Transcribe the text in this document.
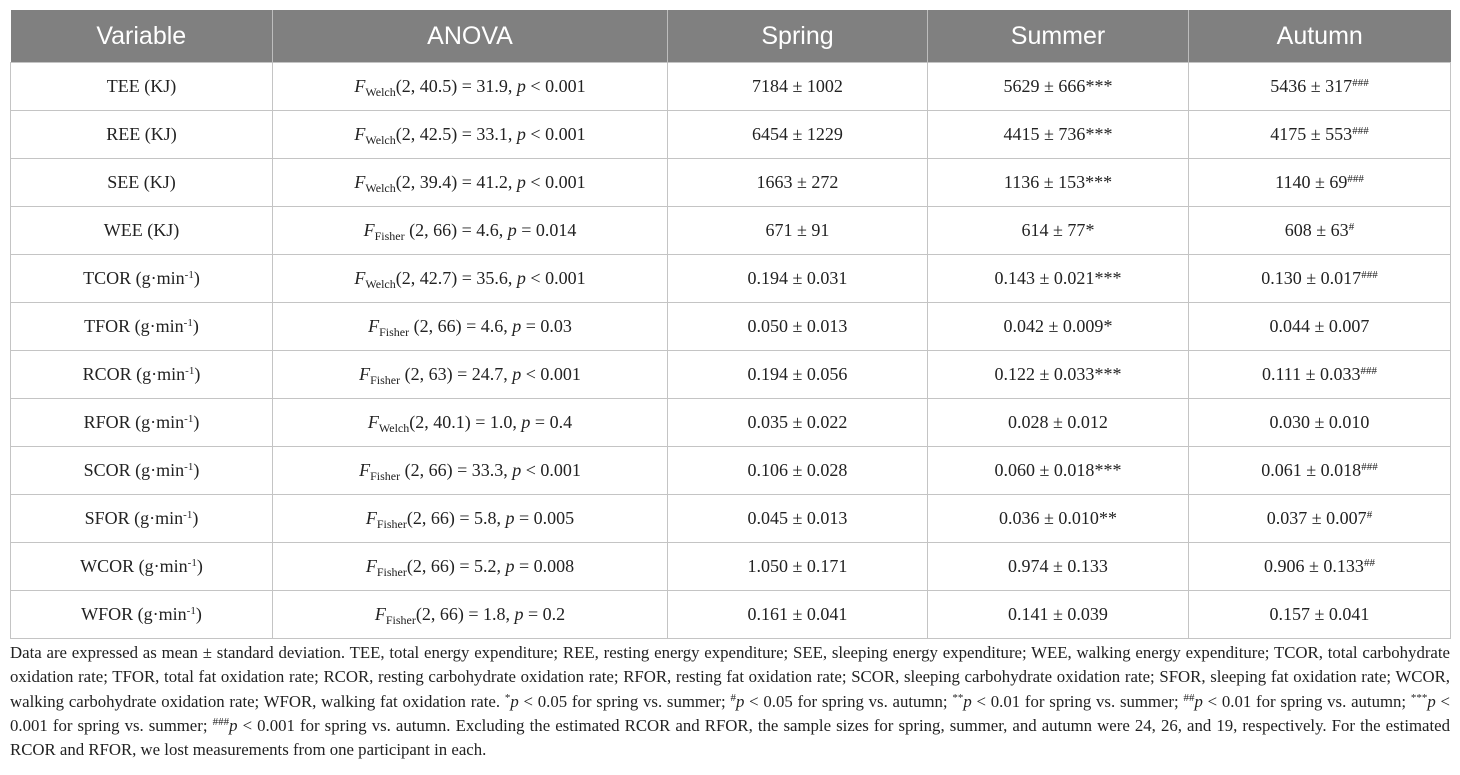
Variable	ANOVA	Spring	Summer	Autumn
TEE (KJ)	$F_{Welch}(2$, 40.5) = 31.9, p < 0.001	7184 ± 1002	5629 ± 666***	5436 ± 317###
REE (KJ)	$F_{Welch}(2$, 42.5) = 33.1, p < 0.001	6454 ± 1229	4415 ± 736***	4175 ± 553###
SEE (KJ)	$F_{Welch}(2$, 39.4) = 41.2, p < 0.001	1663 ± 272	1136 ± 153***	1140 ± 69###
WEE (KJ)	$F_{Fisher}$ (2, 66) = 4.6, p = 0.014	671 ± 91	614 ± 77*	608 ± 63#
TCOR $(g\cdot\min^{-1})$	$F_{Welch}(2$, 42.7) = 35.6, p < 0.001	0.194 ± 0.031	0.143 ± 0.021***	0.130 ± 0.017###
TFOR $(g\cdot\min^{-1})$	$F_{Fisher}$ (2, 66) = 4.6, p = 0.03	0.050 ± 0.013	0.042 ± 0.009*	0.044 ± 0.007
RCOR $(g\cdot\min^{-1})$	$F_{Fisher}$ (2, 63) = 24.7, p < 0.001	0.194 ± 0.056	0.122 ± 0.033***	0.111 ± 0.033###
RFOR $(g\cdot\min^{-1})$	$F_{Welch}(2$, 40.1) = 1.0, p = 0.4	0.035 ± 0.022	0.028 ± 0.012	0.030 ± 0.010
SCOR $(g\cdot\min^{-1})$	$F_{Fisher}$ (2, 66) = 33.3, p < 0.001	0.106 ± 0.028	0.060 ± 0.018***	0.061 ± 0.018###
SFOR $(g\cdot\min^{-1})$	$F_{Fisher}(2$, 66) = 5.8, p = 0.005	0.045 ± 0.013	0.036 ± 0.010**	0.037 ± 0.007#
WCOR $(g\cdot\min^{-1})$	$F_{Fisher}(2$, 66) = 5.2, p = 0.008	1.050 ± 0.171	0.974 ± 0.133	0.906 ± 0.133##
WFOR $(g\cdot\min^{-1})$	$F_{Fisher}(2$, 66) = 1.8, p = 0.2	0.161 ± 0.041	0.141 ± 0.039	0.157 ± 0.041

Data are expressed as mean ± standard deviation. TEE, total energy expenditure; REE, resting energy expenditure; SEE, sleeping energy expenditure; WEE, walking energy expenditure; TCOR, total carbohydrate oxidation rate; TFOR, total fat oxidation rate; RCOR, resting carbohydrate oxidation rate; RFOR, resting fat oxidation rate; SCOR, sleeping carbohydrate oxidation rate; SFOR, sleeping fat oxidation rate; WCOR, walking carbohydrate oxidation rate; WFOR, walking fat oxidation rate. *p < 0.05 for spring vs. summer; #p < 0.05 for spring vs. autumn; **p < 0.01 for spring vs. summer; ##p < 0.01 for spring vs. autumn; ***p < 0.001 for spring vs. summer; ###p < 0.001 for spring vs. autumn. Excluding the estimated RCOR and RFOR, the sample sizes for spring, summer, and autumn were 24, 26, and 19, respectively. For the estimated RCOR and RFOR, we lost measurements from one participant in each.
